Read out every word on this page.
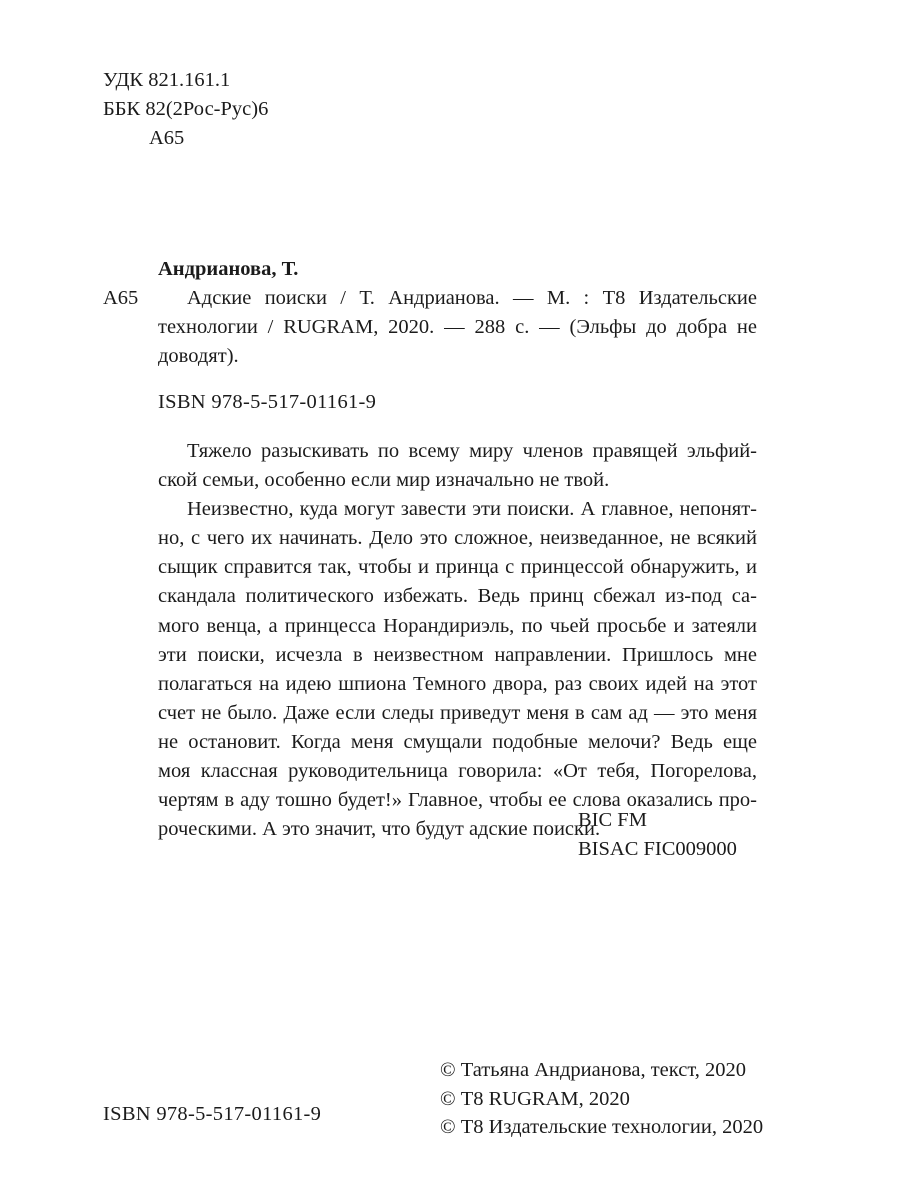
УДК 821.161.1
ББК 82(2Рос-Рус)6
А65
Андрианова, Т.
А65 Адские поиски / Т. Андрианова. — М. : Т8 Издательские
технологии / RUGRAM, 2020. — 288 с. — (Эльфы до добра не
доводят).
ISBN 978-5-517-01161-9
Тяжело разыскивать по всему миру членов правящей эльфий-
ской семьи, особенно если мир изначально не твой.
Неизвестно, куда могут завести эти поиски. А главное, непонят-
но, с чего их начинать. Дело это сложное, неизведанное, не всякий
сыщик справится так, чтобы и принца с принцессой обнаружить, и
скандала политического избежать. Ведь принц сбежал из-под са-
мого венца, а принцесса Норандириэль, по чьей просьбе и затеяли
эти поиски, исчезла в неизвестном направлении. Пришлось мне
полагаться на идею шпиона Темного двора, раз своих идей на этот
счет не было. Даже если следы приведут меня в сам ад — это меня
не остановит. Когда меня смущали подобные мелочи? Ведь еще
моя классная руководительница говорила: «От тебя, Погорелова,
чертям в аду тошно будет!» Главное, чтобы ее слова оказались про-
роческими. А это значит, что будут адские поиски.
BIC FM
BISAC FIC009000
ISBN 978-5-517-01161-9
© Татьяна Андрианова, текст, 2020
© Т8 RUGRAM, 2020
© Т8 Издательские технологии, 2020
